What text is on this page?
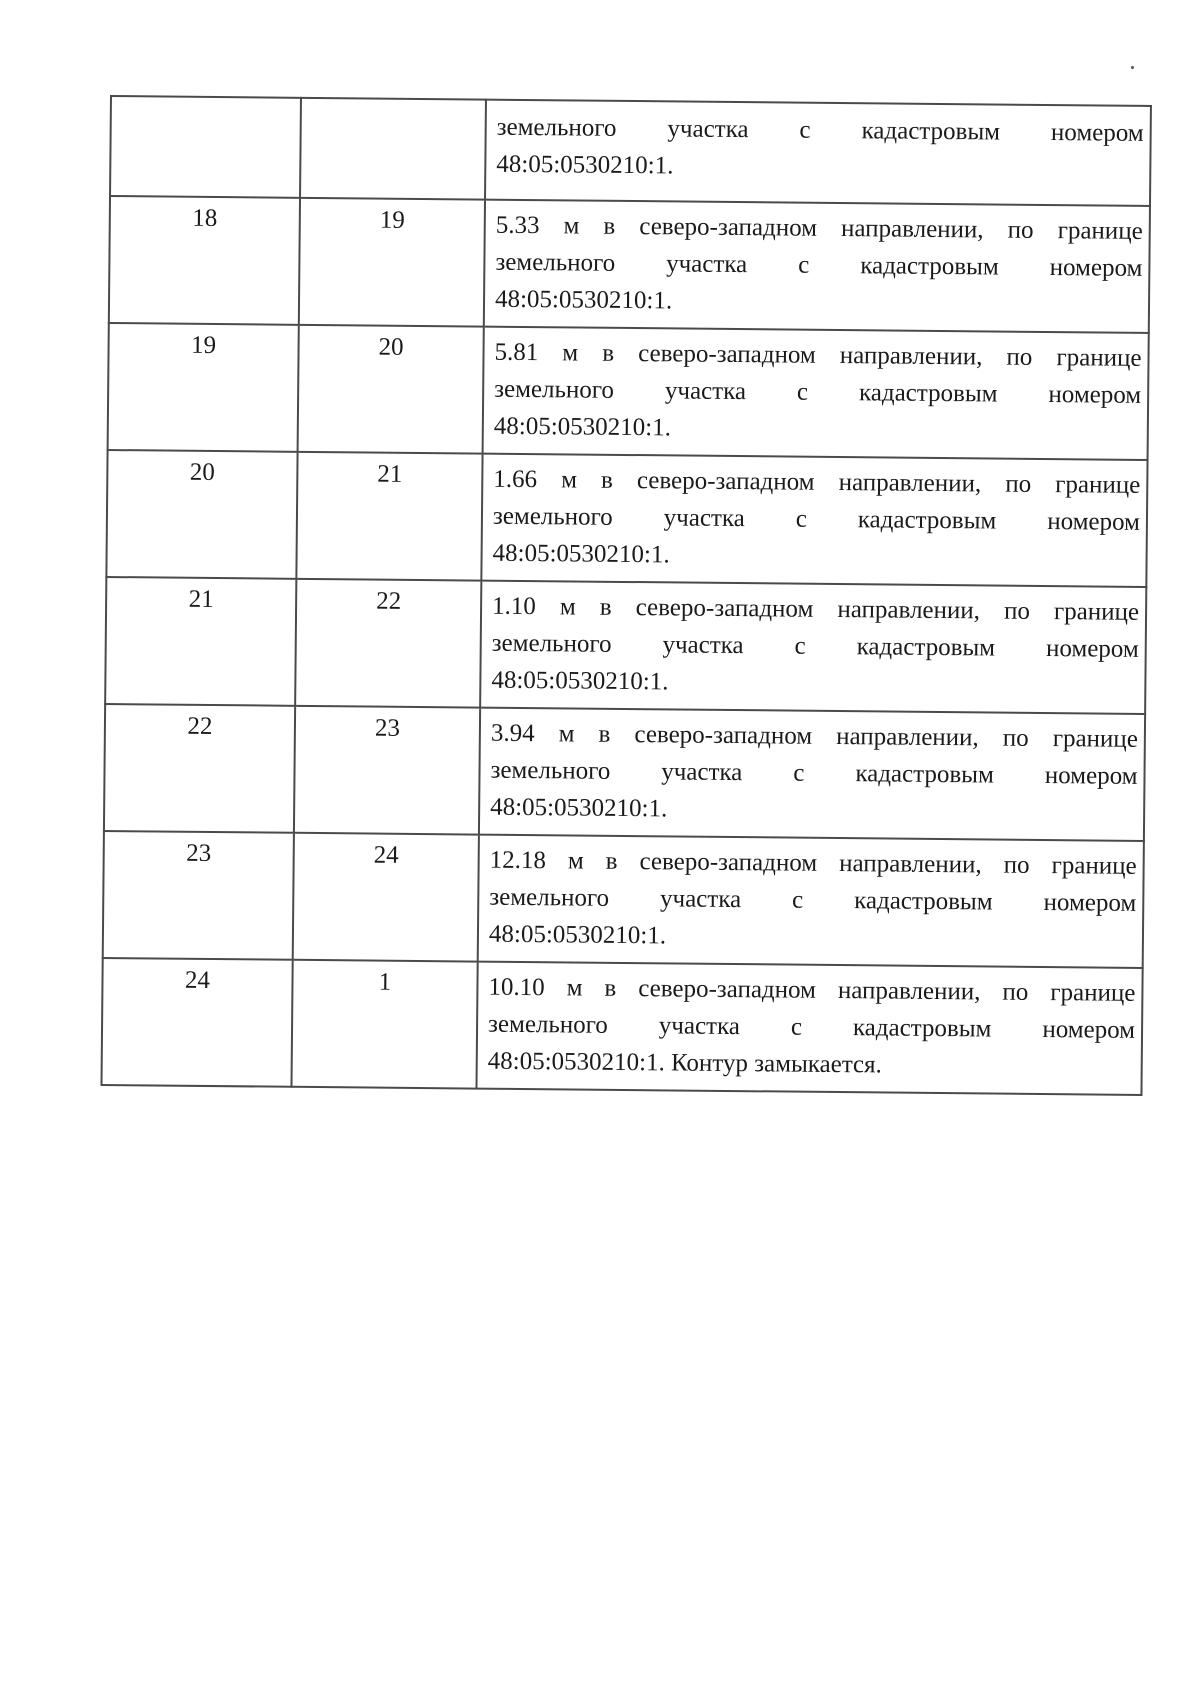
		земельного участка с кадастровым номером 48:05:0530210:1.
18	19	5.33 м в северо-западном направлении, по границе земельного участка с кадастровым номером 48:05:0530210:1.
19	20	5.81 м в северо-западном направлении, по границе земельного участка с кадастровым номером 48:05:0530210:1.
20	21	1.66 м в северо-западном направлении, по границе земельного участка с кадастровым номером 48:05:0530210:1.
21	22	1.10 м в северо-западном направлении, по границе земельного участка с кадастровым номером 48:05:0530210:1.
22	23	3.94 м в северо-западном направлении, по границе земельного участка с кадастровым номером 48:05:0530210:1.
23	24	12.18 м в северо-западном направлении, по границе земельного участка с кадастровым номером 48:05:0530210:1.
24	1	10.10 м в северо-западном направлении, по границе земельного участка с кадастровым номером 48:05:0530210:1. Контур замыкается.
